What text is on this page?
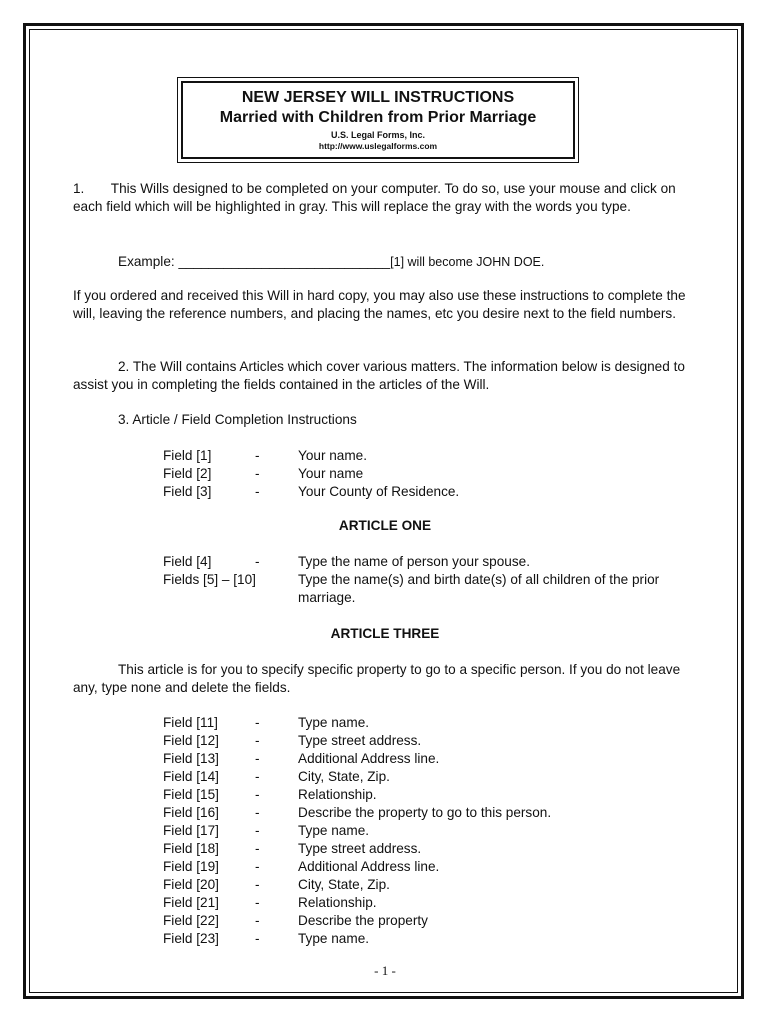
NEW JERSEY WILL INSTRUCTIONS
Married with Children from Prior Marriage
U.S. Legal Forms, Inc.
http://www.uslegalforms.com

1.       This Wills designed to be completed on your computer. To do so, use your mouse and click on each field which will be highlighted in gray. This will replace the gray with the words you type.

Example: ____________________________[1] will become JOHN DOE.

If you ordered and received this Will in hard copy, you may also use these instructions to complete the will, leaving the reference numbers, and placing the names, etc you desire next to the field numbers.

2. The Will contains Articles which cover various matters. The information below is designed to assist you in completing the fields contained in the articles of the Will.

3. Article / Field Completion Instructions
Field [1]	-	Your name.
Field [2]	-	Your name
Field [3]	-	Your County of Residence.
ARTICLE ONE
Field [4]	-	Type the name of person your spouse.
Fields [5] – [10]	Type the name(s) and birth date(s) of all children of the prior marriage.
ARTICLE THREE

This article is for you to specify specific property to go to a specific person. If you do not leave any, type none and delete the fields.

Field [11]	-	Type name.
Field [12]	-	Type street address.
Field [13]	-	Additional Address line.
Field [14]	-	City, State, Zip.
Field [15]	-	Relationship.
Field [16]	-	Describe the property to go to this person.
Field [17]	-	Type name.
Field [18]	-	Type street address.
Field [19]	-	Additional Address line.
Field [20]	-	City, State, Zip.
Field [21]	-	Relationship.
Field [22]	-	Describe the property
Field [23]	-	Type name.
- 1 -
